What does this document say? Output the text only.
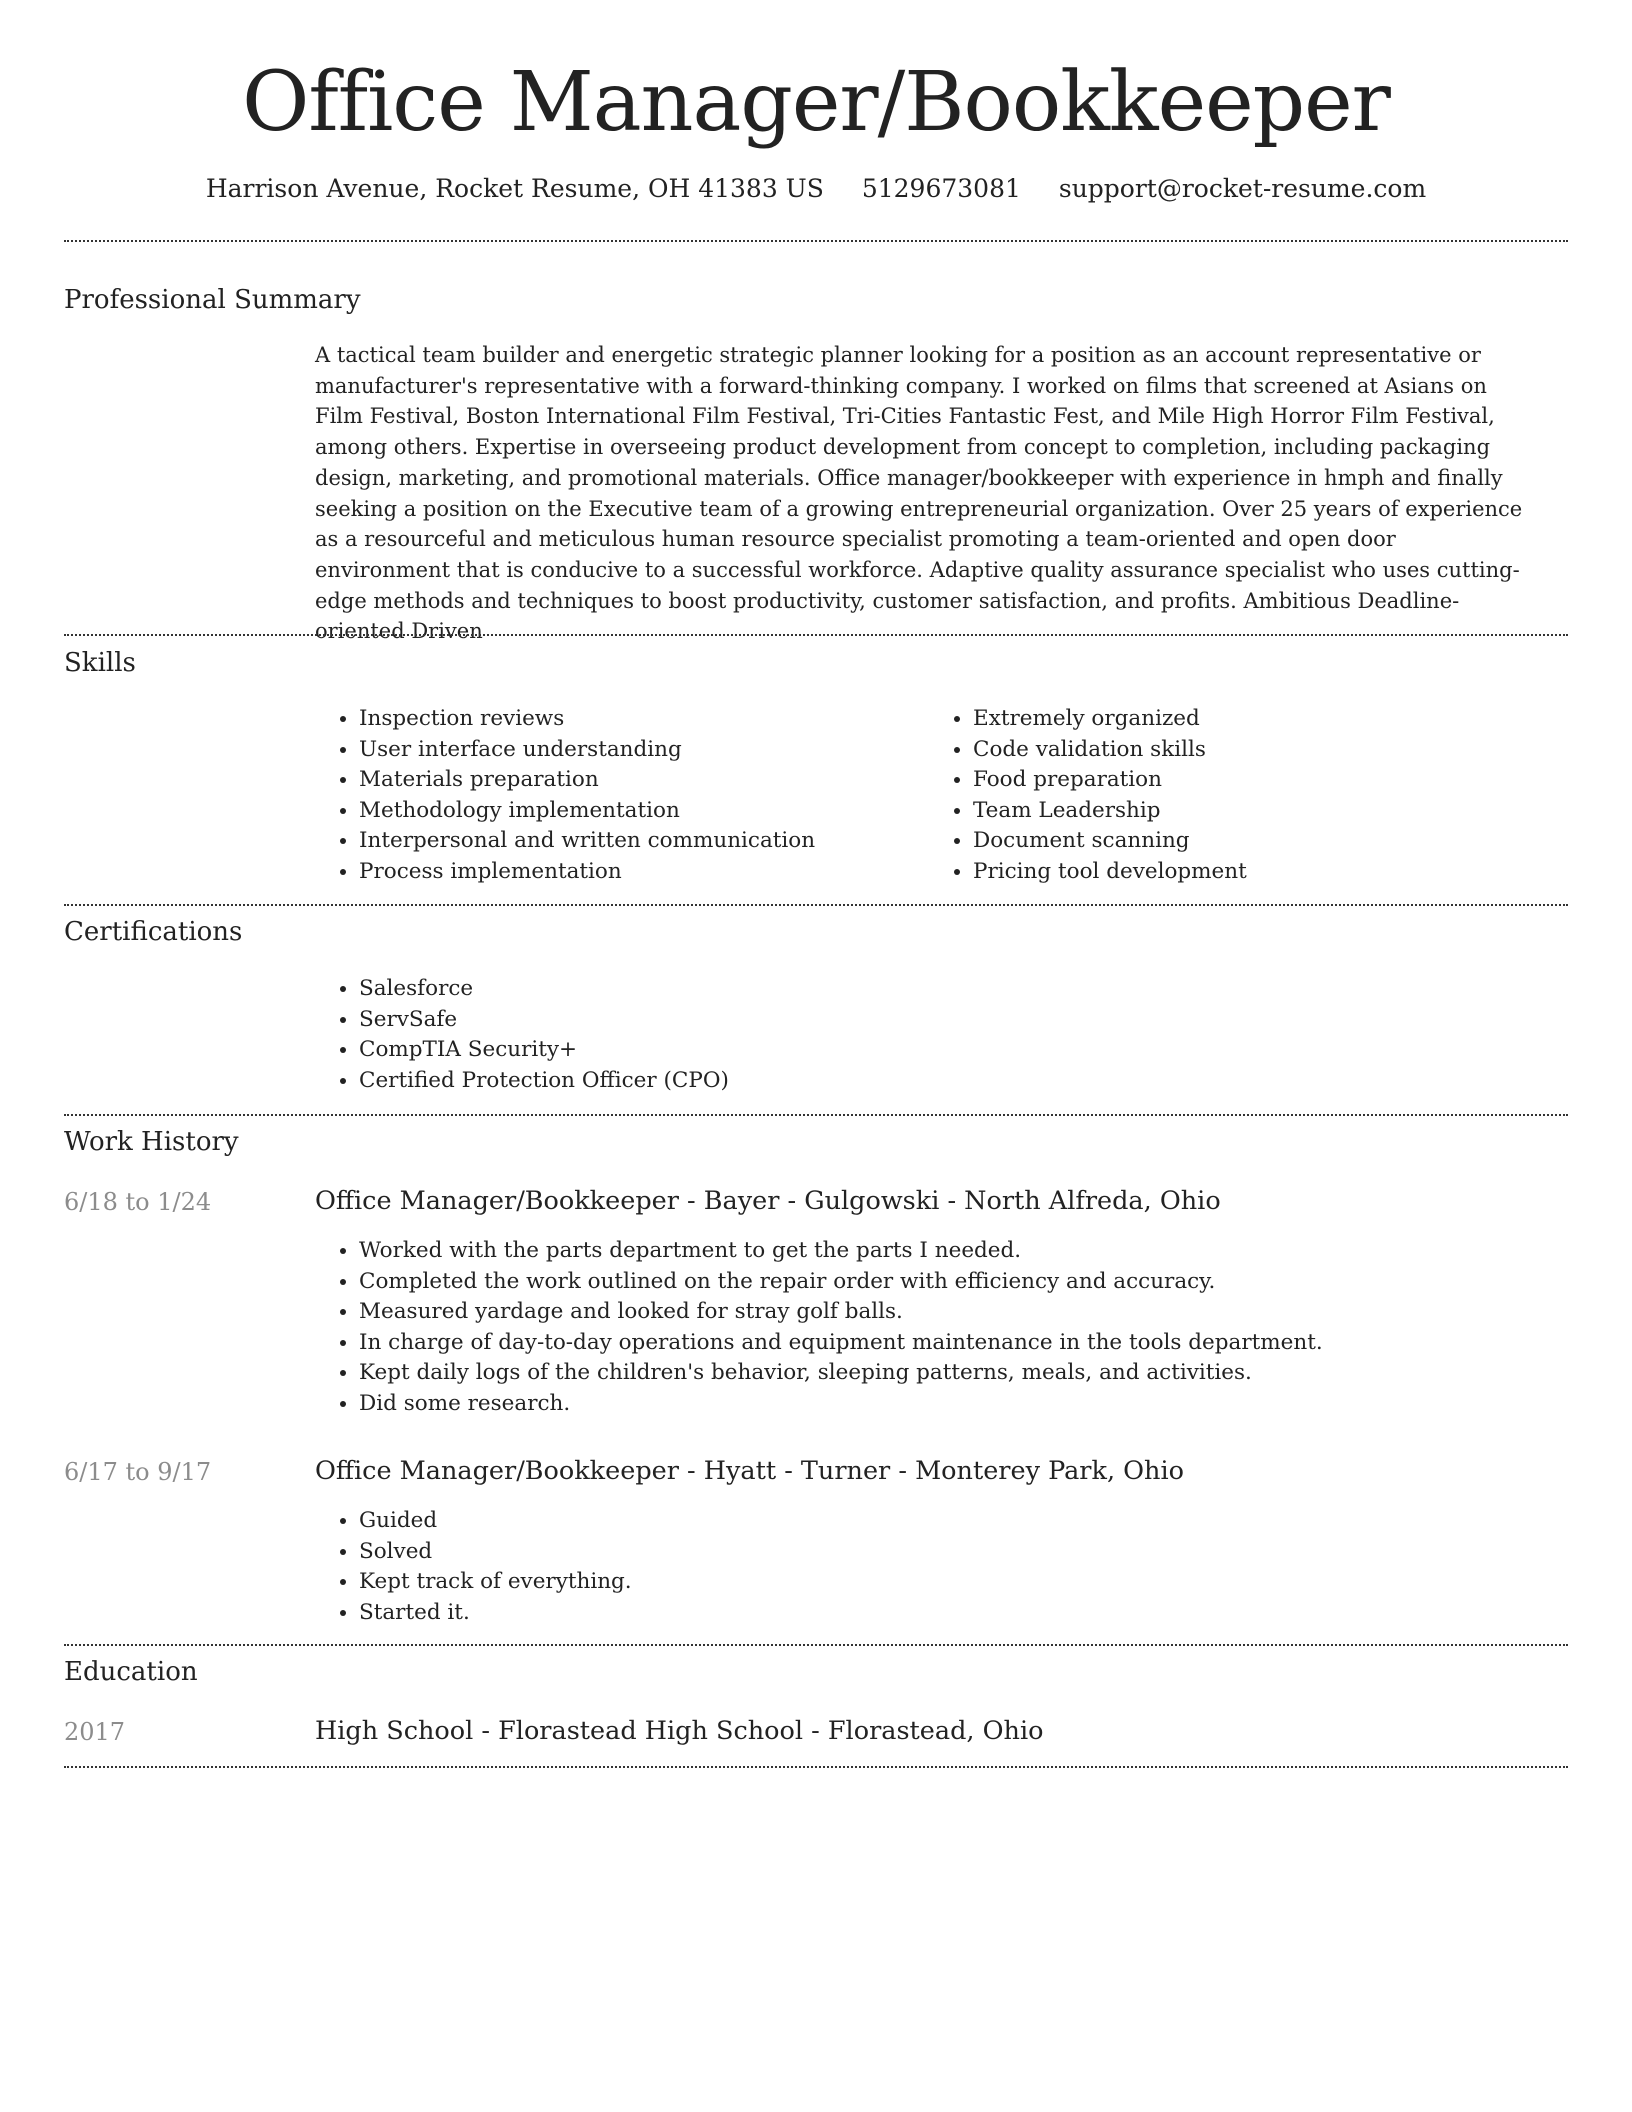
Office Manager/Bookkeeper
Harrison Avenue, Rocket Resume, OH 41383 US 5129673081 support@rocket-resume.com
Professional Summary

A tactical team builder and energetic strategic planner looking for a position as an account representative or manufacturer's representative with a forward-thinking company. I worked on films that screened at Asians on Film Festival, Boston International Film Festival, Tri-Cities Fantastic Fest, and Mile High Horror Film Festival, among others. Expertise in overseeing product development from concept to completion, including packaging design, marketing, and promotional materials. Office manager/bookkeeper with experience in hmph and finally seeking a position on the Executive team of a growing entrepreneurial organization. Over 25 years of experience as a resourceful and meticulous human resource specialist promoting a team-oriented and open door environment that is conducive to a successful workforce. Adaptive quality assurance specialist who uses cutting-edge methods and techniques to boost productivity, customer satisfaction, and profits. Ambitious Deadline-oriented Driven

Skills
• Inspection reviews
• User interface understanding
• Materials preparation
• Methodology implementation
• Interpersonal and written communication
• Process implementation
• Extremely organized
• Code validation skills
• Food preparation
• Team Leadership
• Document scanning
• Pricing tool development
Certifications
• Salesforce
• ServSafe
• CompTIA Security+
• Certified Protection Officer (CPO)
Work History
6/18 to 1/24	Office Manager/Bookkeeper - Bayer - Gulgowski - North Alfreda, Ohio
• Worked with the parts department to get the parts I needed.
• Completed the work outlined on the repair order with efficiency and accuracy.
• Measured yardage and looked for stray golf balls.
• In charge of day-to-day operations and equipment maintenance in the tools department.
• Kept daily logs of the children's behavior, sleeping patterns, meals, and activities.
• Did some research.
6/17 to 9/17	Office Manager/Bookkeeper - Hyatt - Turner - Monterey Park, Ohio
• Guided
• Solved
• Kept track of everything.
• Started it.
Education
2017	High School - Florastead High School - Florastead, Ohio
